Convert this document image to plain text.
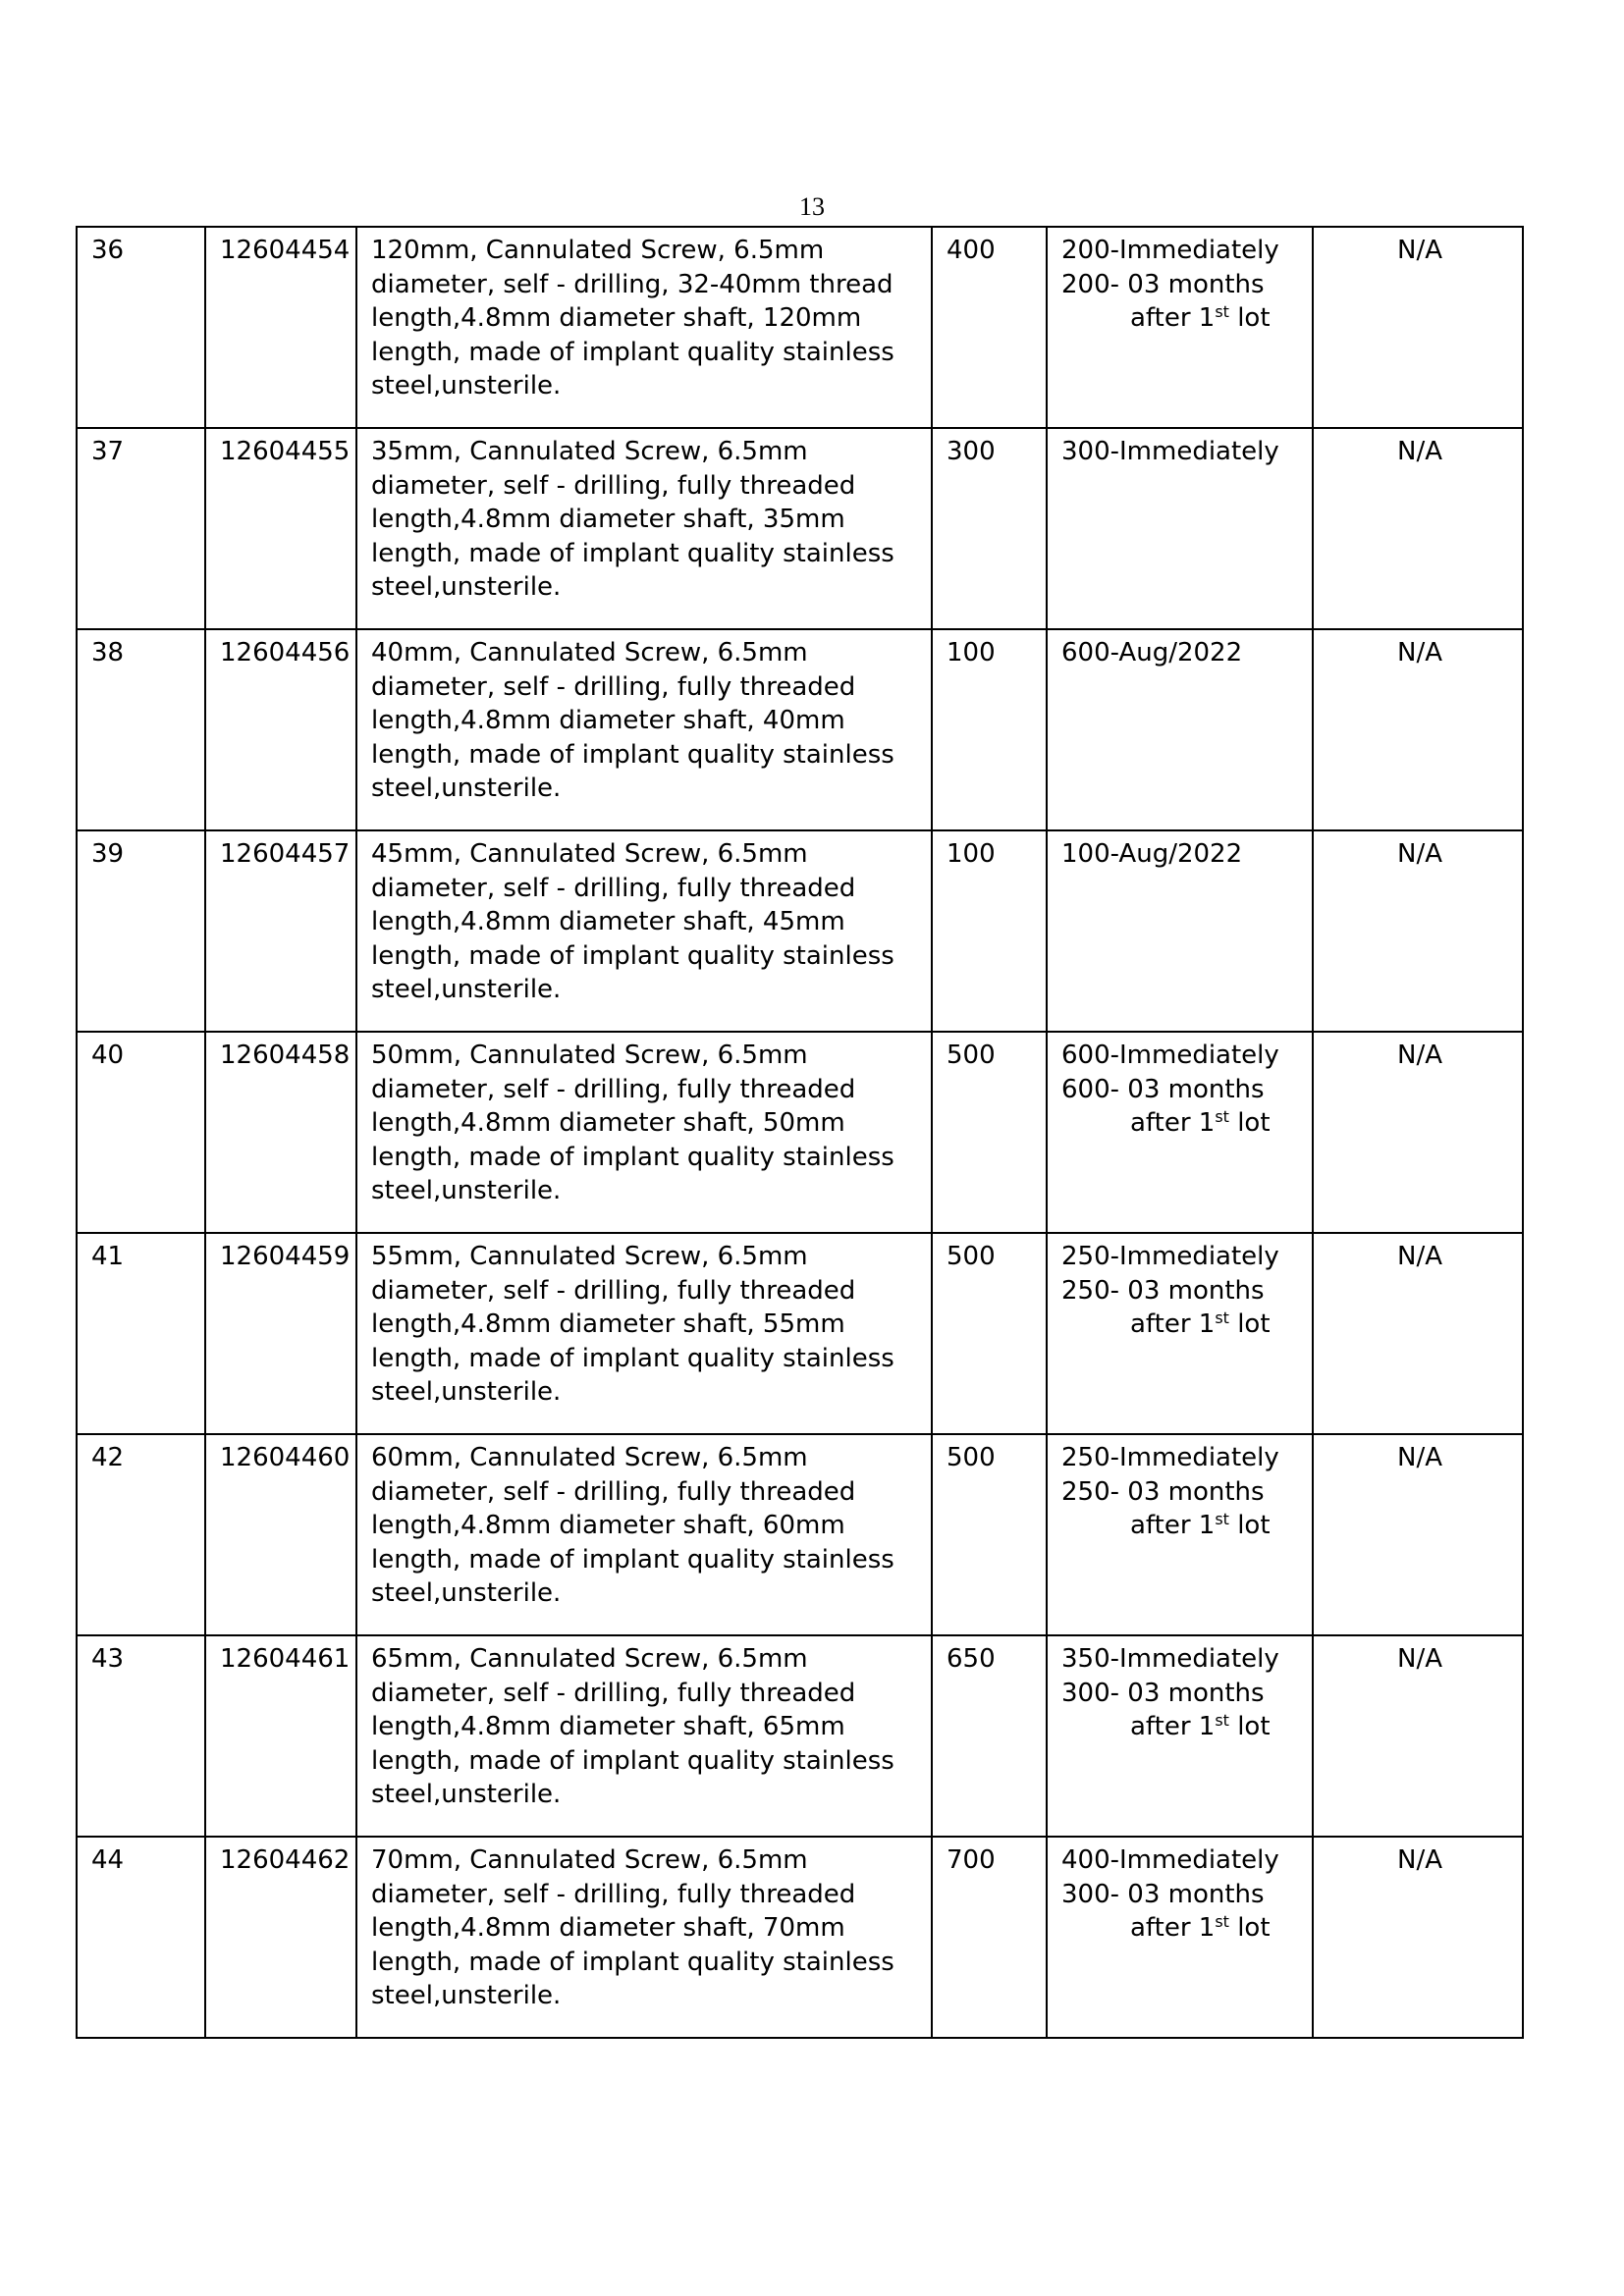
13
36	12604454	120mm, Cannulated Screw, 6.5mm diameter, self - drilling, 32-40mm thread length,4.8mm diameter shaft, 120mm length, made of implant quality stainless steel,unsterile.	400	200-Immediately
200- 03 months
after 1st lot	N/A
37	12604455	35mm, Cannulated Screw, 6.5mm diameter, self - drilling, fully threaded length,4.8mm diameter shaft, 35mm length, made of implant quality stainless steel,unsterile.	300	300-Immediately	N/A
38	12604456	40mm, Cannulated Screw, 6.5mm diameter, self - drilling, fully threaded length,4.8mm diameter shaft, 40mm length, made of implant quality stainless steel,unsterile.	100	600-Aug/2022	N/A
39	12604457	45mm, Cannulated Screw, 6.5mm diameter, self - drilling, fully threaded length,4.8mm diameter shaft, 45mm length, made of implant quality stainless steel,unsterile.	100	100-Aug/2022	N/A
40	12604458	50mm, Cannulated Screw, 6.5mm diameter, self - drilling, fully threaded length,4.8mm diameter shaft, 50mm length, made of implant quality stainless steel,unsterile.	500	600-Immediately
600- 03 months
after 1st lot	N/A
41	12604459	55mm, Cannulated Screw, 6.5mm diameter, self - drilling, fully threaded length,4.8mm diameter shaft, 55mm length, made of implant quality stainless steel,unsterile.	500	250-Immediately
250- 03 months
after 1st lot	N/A
42	12604460	60mm, Cannulated Screw, 6.5mm diameter, self - drilling, fully threaded length,4.8mm diameter shaft, 60mm length, made of implant quality stainless steel,unsterile.	500	250-Immediately
250- 03 months
after 1st lot	N/A
43	12604461	65mm, Cannulated Screw, 6.5mm diameter, self - drilling, fully threaded length,4.8mm diameter shaft, 65mm length, made of implant quality stainless steel,unsterile.	650	350-Immediately
300- 03 months
after 1st lot	N/A
44	12604462	70mm, Cannulated Screw, 6.5mm diameter, self - drilling, fully threaded length,4.8mm diameter shaft, 70mm length, made of implant quality stainless steel,unsterile.	700	400-Immediately
300- 03 months
after 1st lot	N/A
